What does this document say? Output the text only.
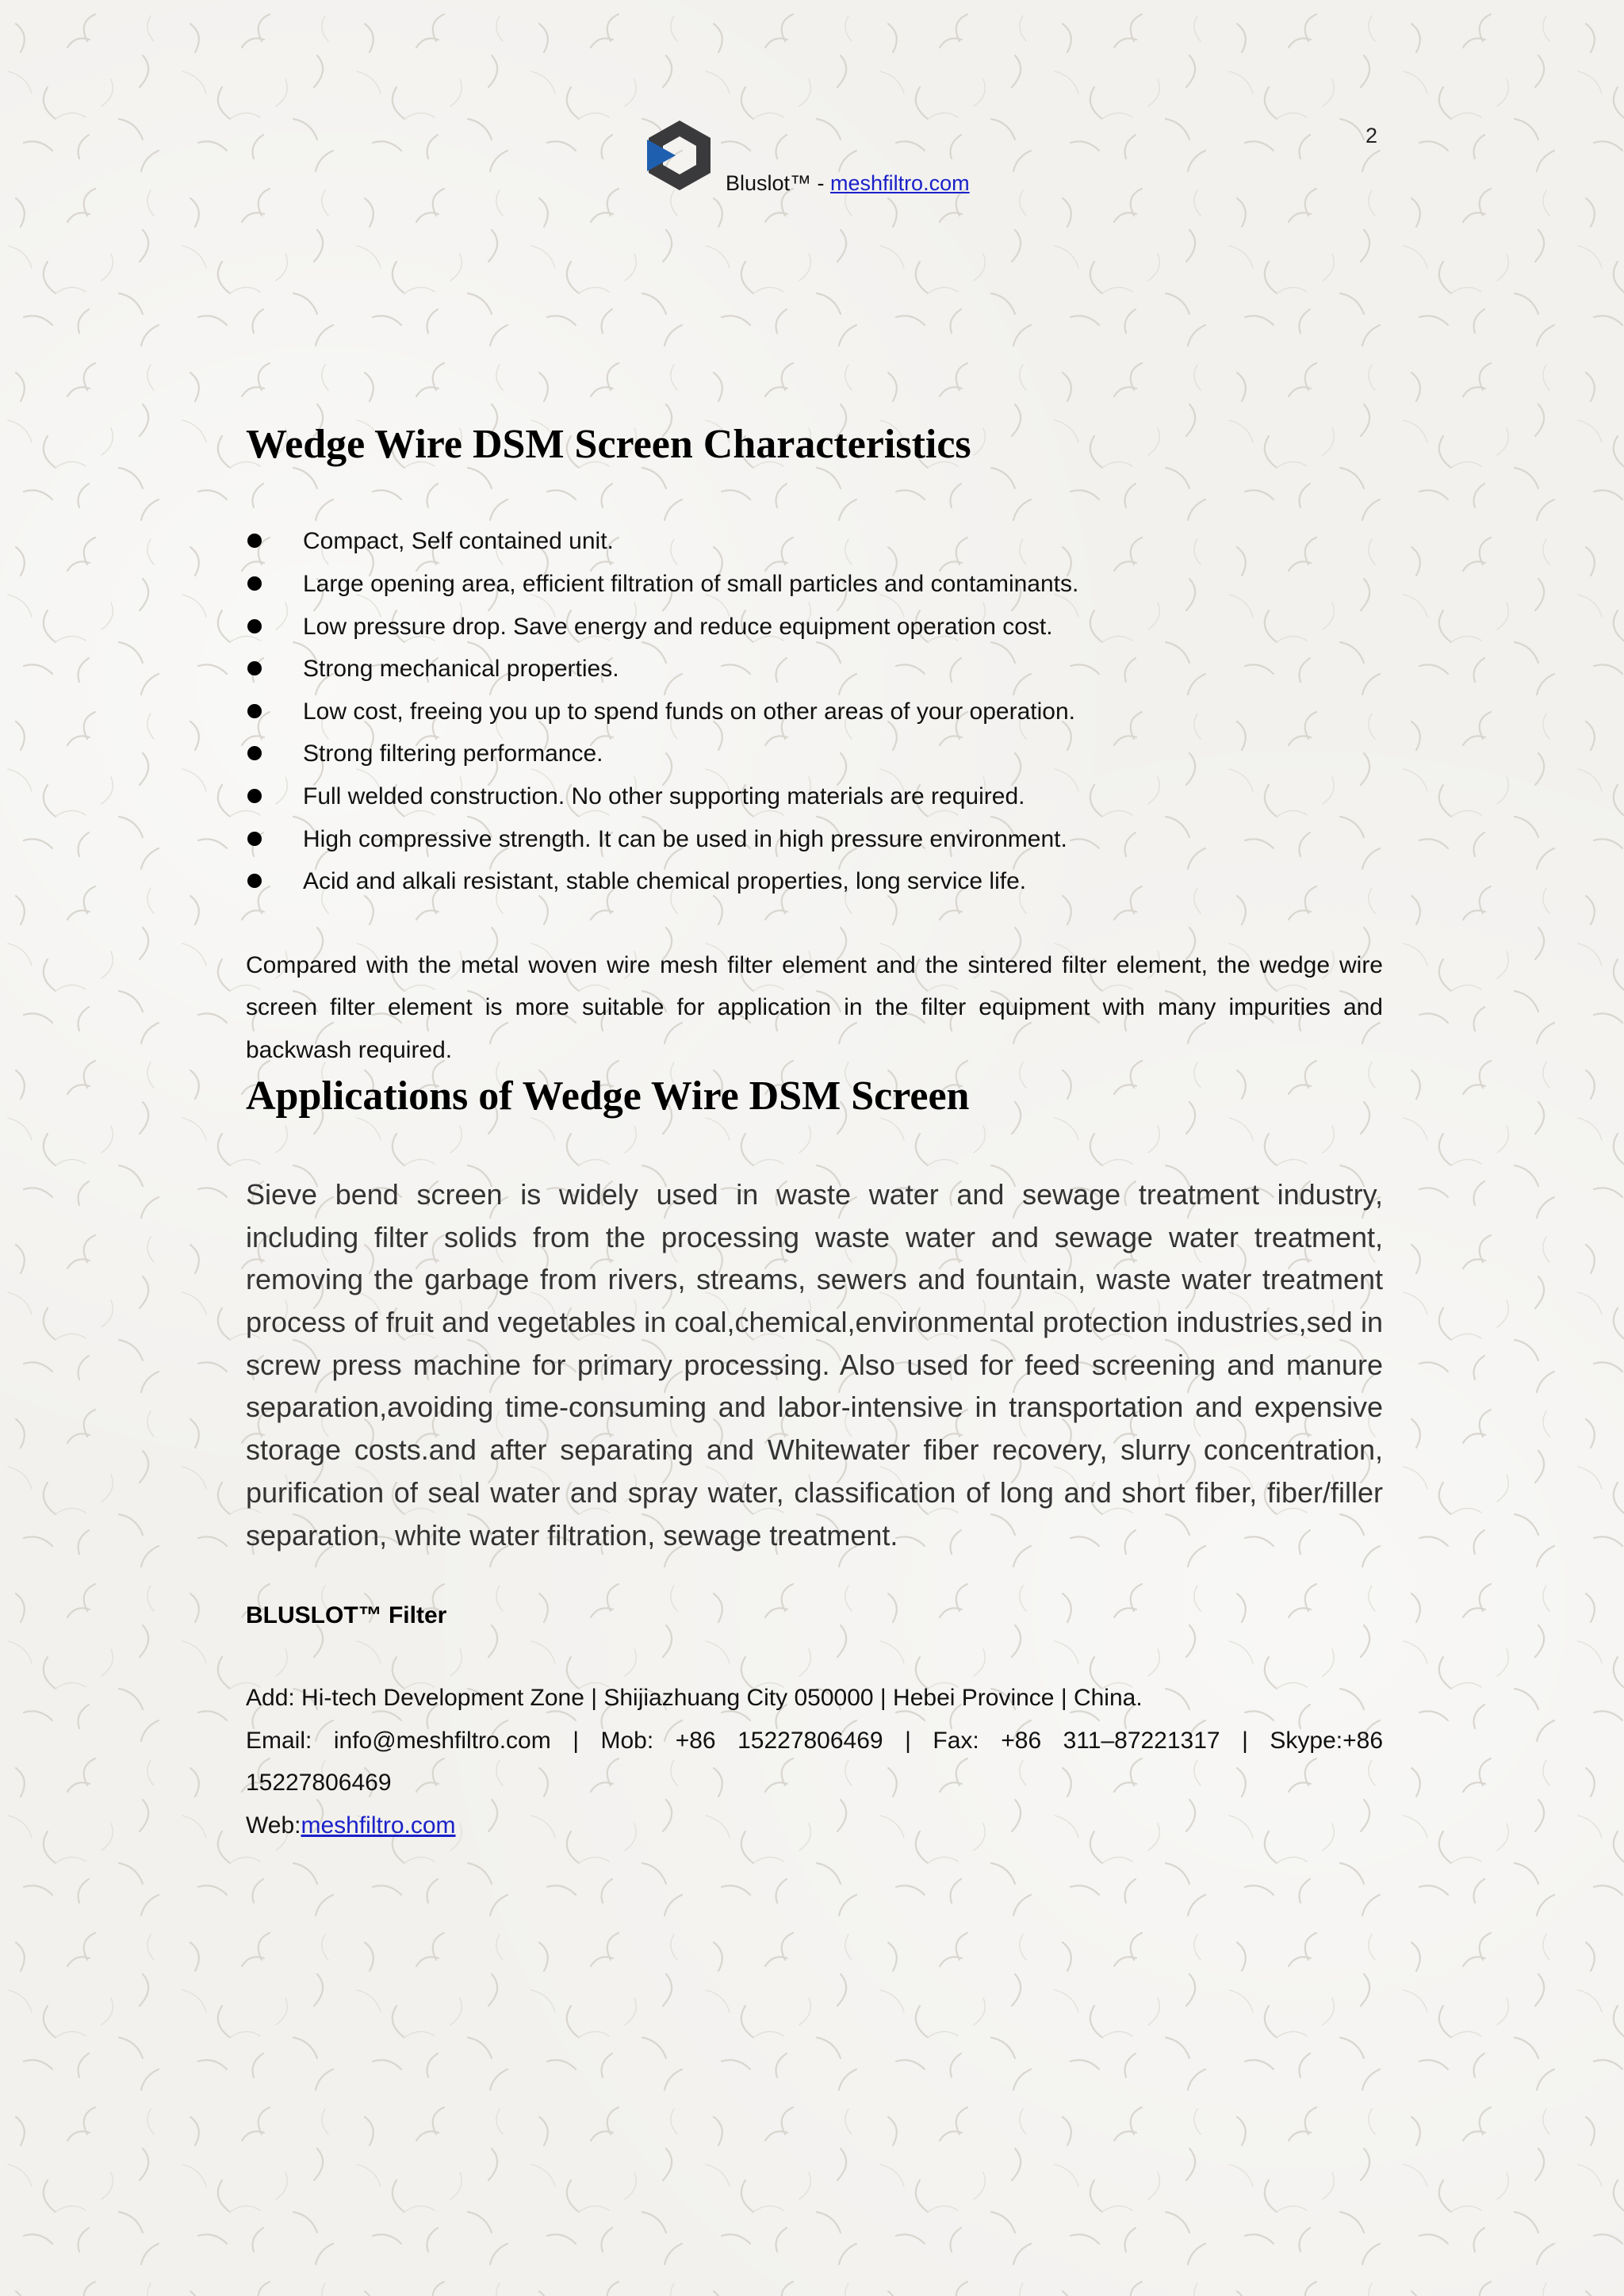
2
Bluslot™ - meshfiltro.com
Wedge Wire DSM Screen Characteristics
Compact, Self contained unit.
Large opening area, efficient filtration of small particles and contaminants.
Low pressure drop. Save energy and reduce equipment operation cost.
Strong mechanical properties.
Low cost, freeing you up to spend funds on other areas of your operation.
Strong filtering performance.
Full welded construction. No other supporting materials are required.
High compressive strength. It can be used in high pressure environment.
Acid and alkali resistant, stable chemical properties, long service life.

Compared with the metal woven wire mesh filter element and the sintered filter element, the wedge wire screen filter element is more suitable for application in the filter equipment with many impurities and backwash required.

Applications of Wedge Wire DSM Screen

Sieve bend screen is widely used in waste water and sewage treatment industry, including filter solids from the processing waste water and sewage water treatment, removing the garbage from rivers, streams, sewers and fountain, waste water treatment process of fruit and vegetables in coal,chemical,environmental protection industries,sed in screw press machine for primary processing. Also used for feed screening and manure separation,avoiding time-consuming and labor-intensive in transportation and expensive storage costs.and after separating and Whitewater fiber recovery, slurry concentration, purification of seal water and spray water, classification of long and short fiber, fiber/filler separation, white water filtration, sewage treatment.

BLUSLOT™ Filter

Add: Hi-tech Development Zone | Shijiazhuang City 050000 | Hebei Province | China.

Email: info@meshfiltro.com | Mob: +86 15227806469 | Fax: +86 311–87221317 | Skype:+86

15227806469

Web:meshfiltro.com
